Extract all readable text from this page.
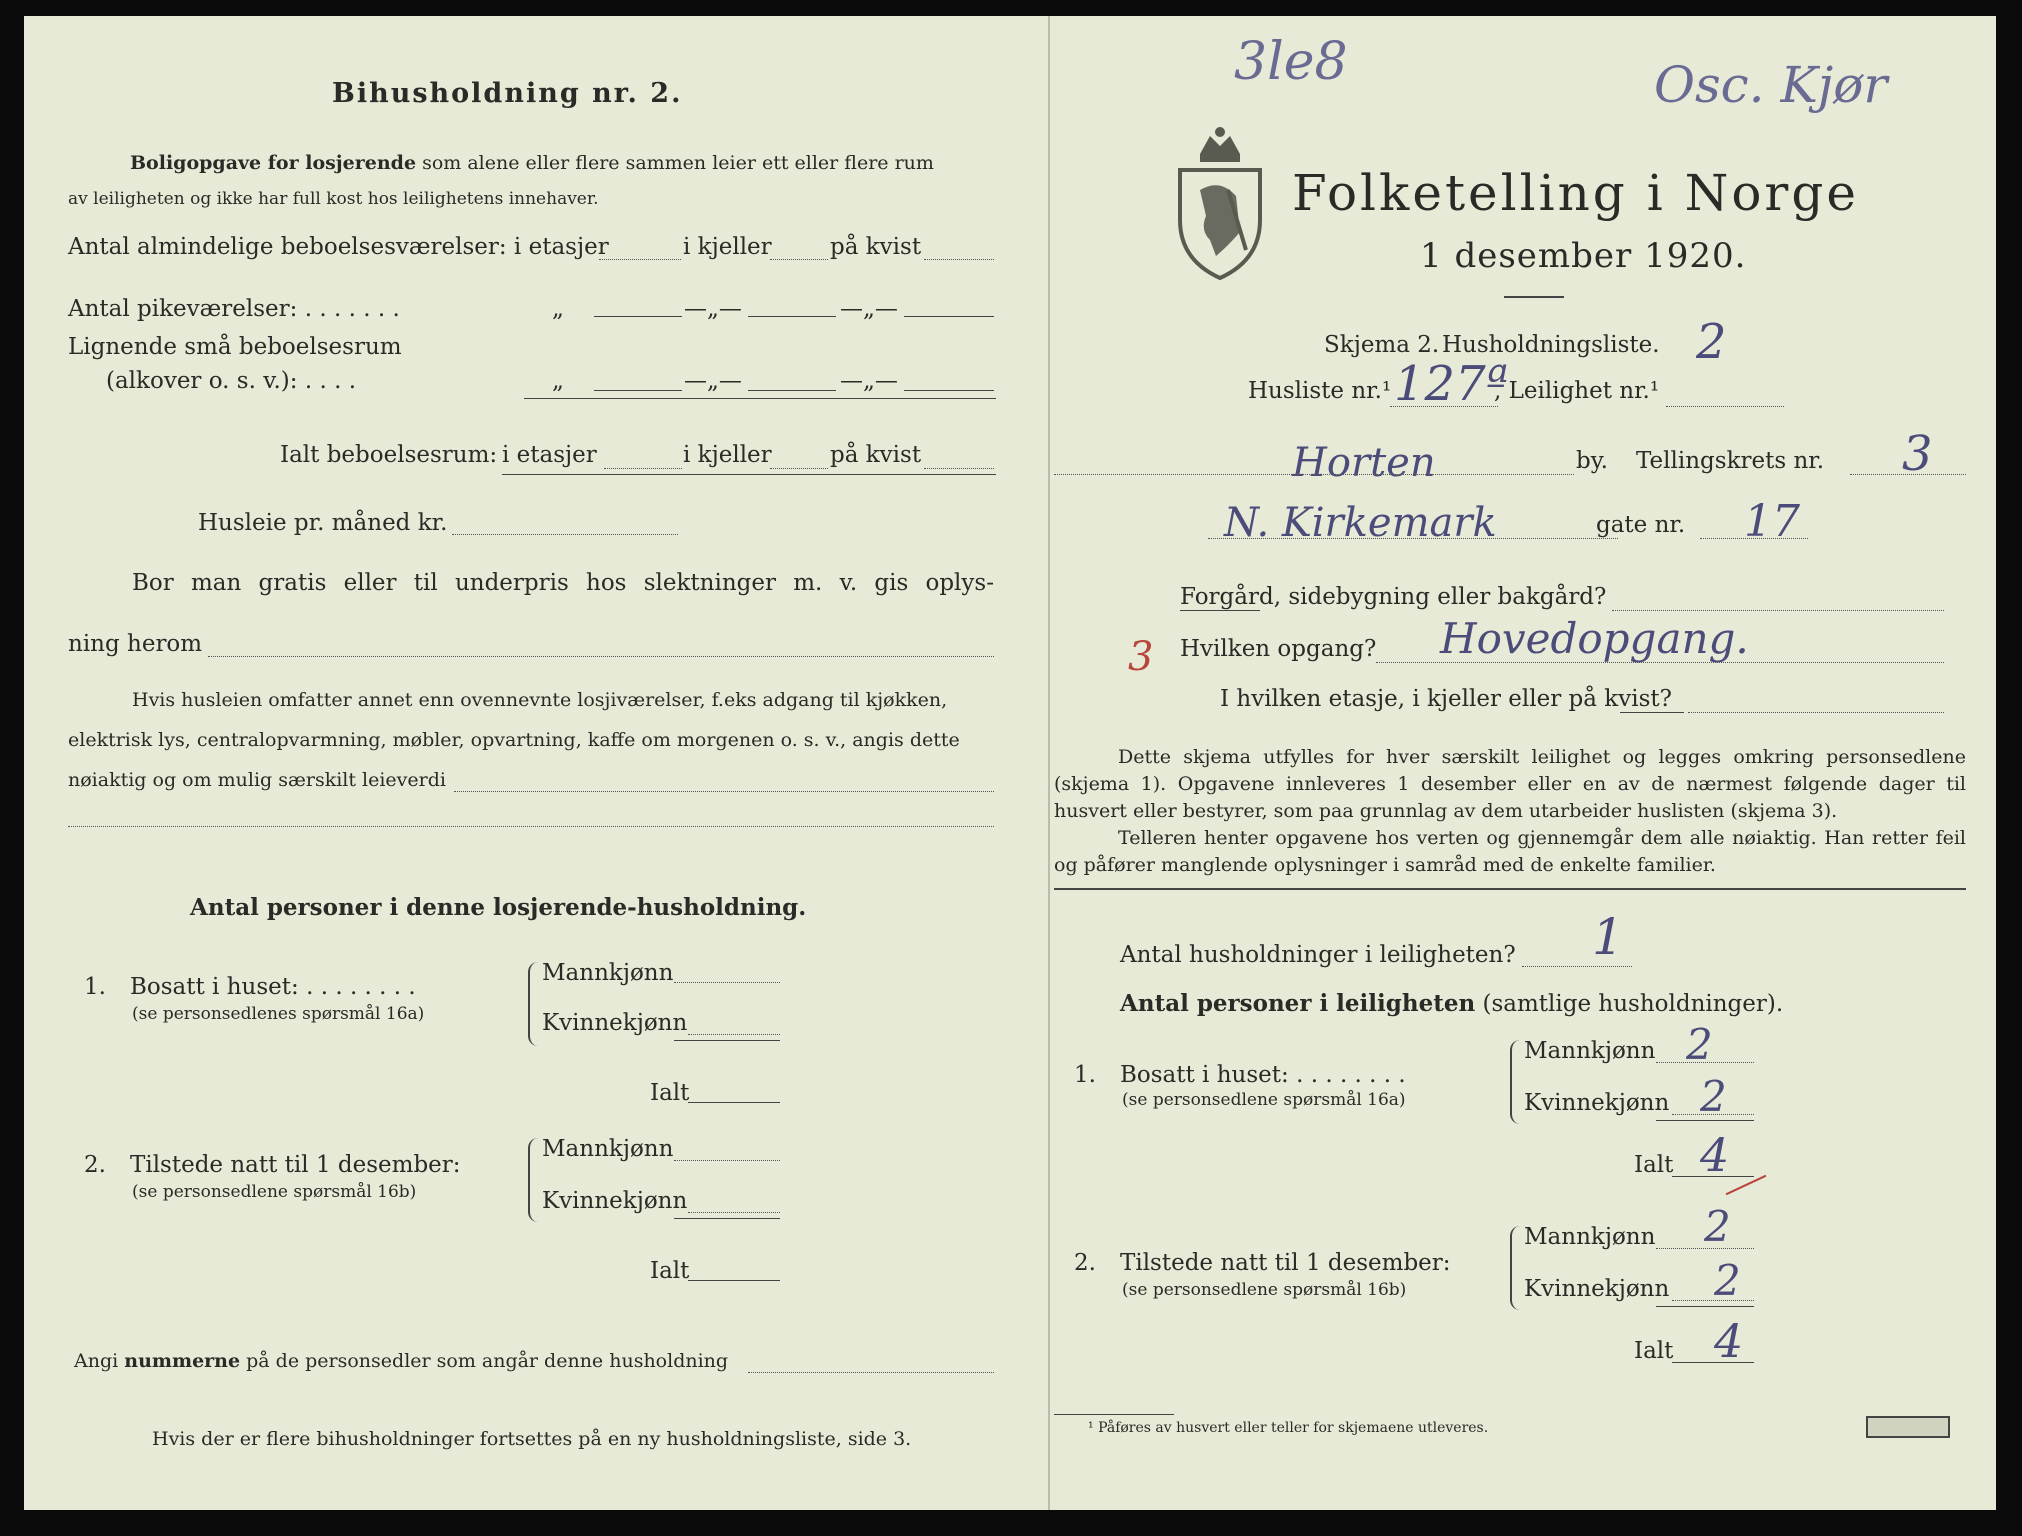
Bihusholdning nr. 2.
Boligopgave for losjerende som alene eller flere sammen leier ett eller flere rum
av leiligheten og ikke har full kost hos leilighetens innehaver.
Antal almindelige beboelsesværelser: i etasjer	i kjeller	på kvist
Antal pikeværelser: . . . . . . .	„	—„—	—„—
Lignende små beboelsesrum
(alkover o. s. v.): . . . .	„	—„—	—„—
Ialt beboelsesrum: i etasjer	i kjeller	på kvist
Husleie pr. måned kr.
Bor man gratis eller til underpris hos slektninger m. v. gis oplys-
ning herom
Hvis husleien omfatter annet enn ovennevnte losjiværelser, f.eks adgang til kjøkken,
elektrisk lys, centralopvarmning, møbler, opvartning, kaffe om morgenen o. s. v., angis dette
nøiaktig og om mulig særskilt leieverdi
Antal personer i denne losjerende-husholdning.
1. Bosatt i huset: . . . . . . . .
(se personsedlenes spørsmål 16a)
Mannkjønn
Kvinnekjønn
Ialt
2. Tilstede natt til 1 desember:
(se personsedlene spørsmål 16b)
Mannkjønn
Kvinnekjønn
Ialt
Angi nummerne på de personsedler som angår denne husholdning
Hvis der er flere bihusholdninger fortsettes på en ny husholdningsliste, side 3.
3le8	Osc. Kjør
Folketelling i Norge
1 desember 1920.
Skjema 2. Husholdningsliste. 2
Husliste nr.¹ 127ª
, Leilighet nr.¹
Horten	by. Tellingskrets nr. 3
N. Kirkemark	gate nr. 17
Forgård, sidebygning eller bakgård?
3 Hvilken opgang? Hovedopgang.
I hvilken etasje, i kjeller eller på kvist?
Dette skjema utfylles for hver særskilt leilighet og legges omkring personsedlene (skjema 1). Opgavene innleveres 1 desember eller en av de nærmest følgende dager til husvert eller bestyrer, som paa grunnlag av dem utarbeider huslisten (skjema 3).
Telleren henter opgavene hos verten og gjennemgår dem alle nøiaktig. Han retter feil og påfører manglende oplysninger i samråd med de enkelte familier.
Antal husholdninger i leiligheten? 1
Antal personer i leiligheten (samtlige husholdninger).
1. Bosatt i huset: . . . . . . . .
(se personsedlene spørsmål 16a)
Mannkjønn 2
Kvinnekjønn 2
Ialt 4
2. Tilstede natt til 1 desember:
(se personsedlene spørsmål 16b)
Mannkjønn 2
Kvinnekjønn 2
Ialt 4
¹ Påføres av husvert eller teller for skjemaene utleveres.
